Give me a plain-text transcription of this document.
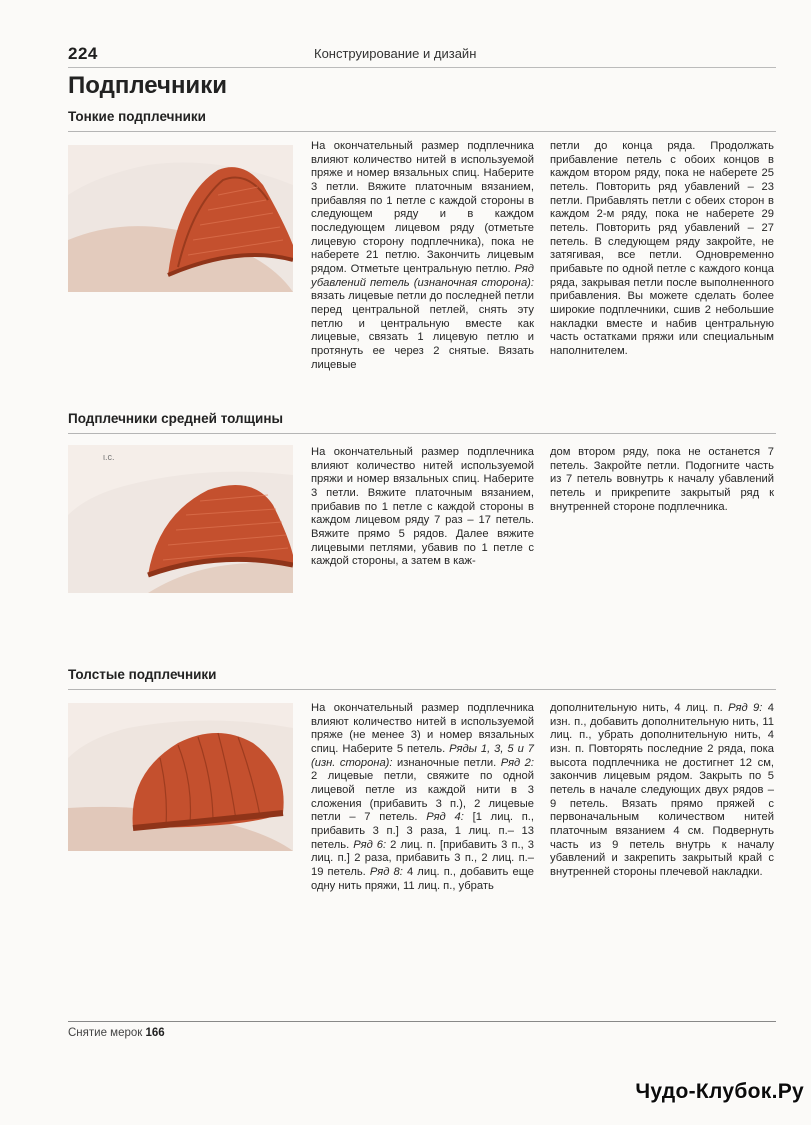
224	Конструирование и дизайн
Подплечники
Тонкие подплечники
На окончательный размер подплечника влияют количество нитей в используемой пряже и номер вязальных спиц. Наберите 3 петли. Вяжите платочным вязанием, прибавляя по 1 петле с каждой стороны в следующем ряду и в каждом последующем лицевом ряду (отметьте лицевую сторону подплечника), пока не наберете 21 петлю. Закончить лицевым рядом. Отметьте центральную петлю. Ряд убавлений петель (изнаночная сторона): вязать лицевые петли до последней петли перед центральной петлей, снять эту петлю и центральную вместе как лицевые, связать 1 лицевую петлю и протянуть ее через 2 снятые. Вязать лицевые
петли до конца ряда. Продолжать прибавление петель с обоих концов в каждом втором ряду, пока не наберете 25 петель. Повторить ряд убавлений – 23 петли. Прибавлять петли с обеих сторон в каждом 2-м ряду, пока не наберете 29 петель. Повторить ряд убавлений – 27 петель. В следующем ряду закройте, не затягивая, все петли. Одновременно прибавьте по одной петле с каждого конца ряда, закрывая петли после выполненного прибавления. Вы можете сделать более широкие подплечники, сшив 2 небольшие накладки вместе и набив центральную часть остатками пряжи или специальным наполнителем.
Подплечники средней толщины
ι.c.	На окончательный размер подплечника влияют количество нитей используемой пряжи и номер вязальных спиц. Наберите 3 петли. Вяжите платочным вязанием, прибавив по 1 петле с каждой стороны в каждом лицевом ряду 7 раз – 17 петель. Вяжите прямо 5 рядов. Далее вяжите лицевыми петлями, убавив по 1 петле с каждой стороны, а затем в каж-
дом втором ряду, пока не останется 7 петель. Закройте петли. Подогните часть из 7 петель вовнутрь к началу убавлений петель и прикрепите закрытый ряд к внутренней стороне подплечника.
Толстые подплечники
На окончательный размер подплечника влияют количество нитей в используемой пряже (не менее 3) и номер вязальных спиц. Наберите 5 петель. Ряды 1, 3, 5 и 7 (изн. сторона): изнаночные петли. Ряд 2: 2 лицевые петли, свяжите по одной лицевой петле из каждой нити в 3 сложения (прибавить 3 п.), 2 лицевые петли – 7 петель. Ряд 4: [1 лиц. п., прибавить 3 п.] 3 раза, 1 лиц. п.– 13 петель. Ряд 6: 2 лиц. п. [прибавить 3 п., 3 лиц. п.] 2 раза, прибавить 3 п., 2 лиц. п.– 19 петель. Ряд 8: 4 лиц. п., добавить еще одну нить пряжи, 11 лиц. п., убрать
дополнительную нить, 4 лиц. п. Ряд 9: 4 изн. п., добавить дополнительную нить, 11 лиц. п., убрать дополнительную нить, 4 изн. п. Повторять последние 2 ряда, пока высота подплечника не достигнет 12 см, закончив лицевым рядом. Закрыть по 5 петель в начале следующих двух рядов – 9 петель. Вязать прямо пряжей с первоначальным количеством нитей платочным вязанием 4 см. Подвернуть часть из 9 петель внутрь к началу убавлений и закрепить закрытый край с внутренней стороны плечевой накладки.
Снятие мерок 166
Чудо-Клубок.Ру
